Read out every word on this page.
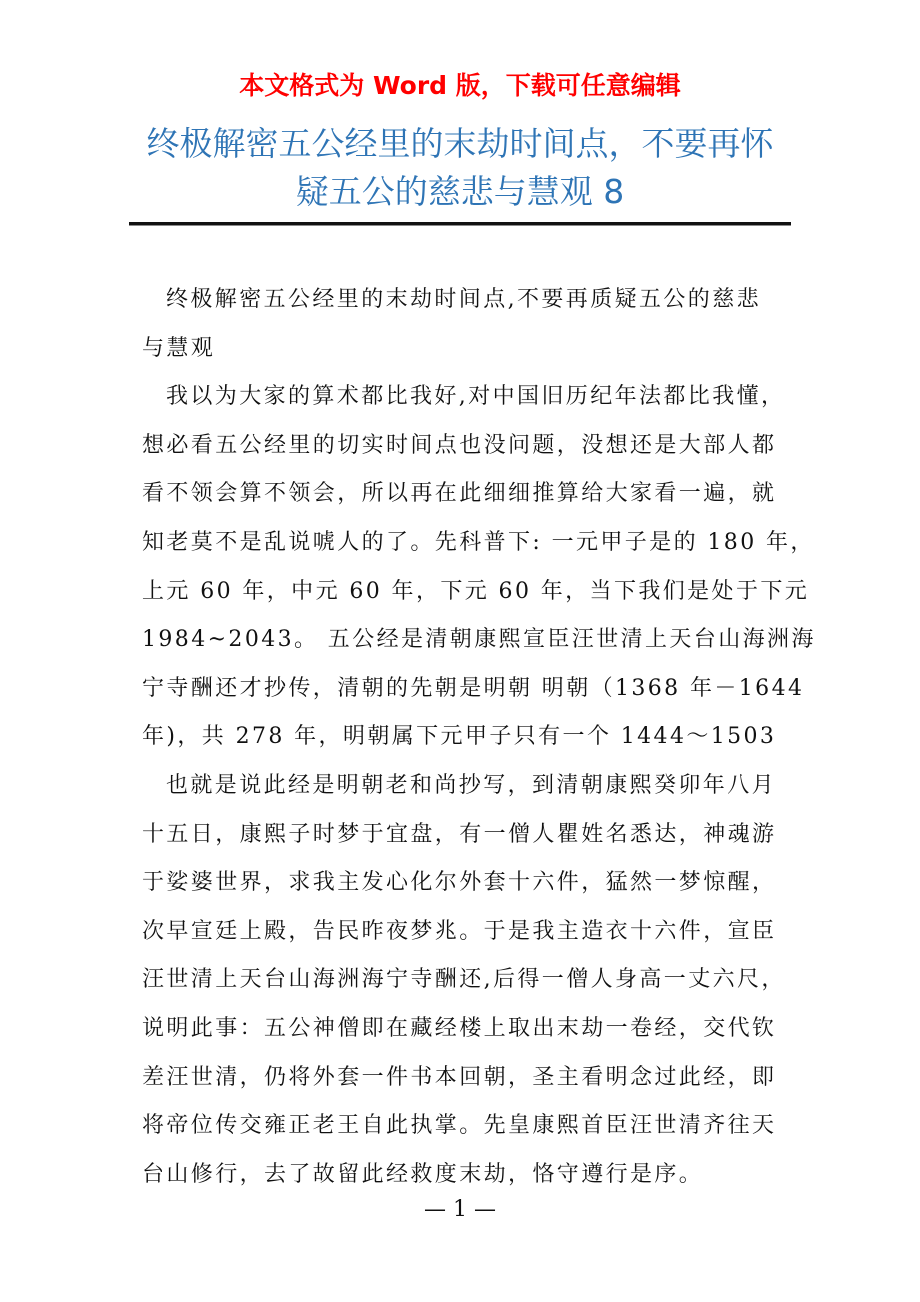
本文格式为 Word 版，下载可任意编辑
终极解密五公经里的末劫时间点，不要再怀
疑五公的慈悲与慧观 8
终极解密五公经里的末劫时间点,不要再质疑五公的慈悲
与慧观
我以为大家的算术都比我好,对中国旧历纪年法都比我懂，
想必看五公经里的切实时间点也没问题，没想还是大部人都
看不领会算不领会，所以再在此细细推算给大家看一遍，就
知老莫不是乱说唬人的了。先科普下: 一元甲子是的 180 年，
上元 60 年，中元 60 年，下元 60 年，当下我们是处于下元
1984~2043。 五公经是清朝康熙宣臣汪世清上天台山海洲海
宁寺酬还才抄传，清朝的先朝是明朝 明朝（1368 年－1644
年)，共 278 年，明朝属下元甲子只有一个 1444～1503
也就是说此经是明朝老和尚抄写，到清朝康熙癸卯年八月
十五日，康熙子时梦于宜盘，有一僧人瞿姓名悉达，神魂游
于娑婆世界，求我主发心化尔外套十六件，猛然一梦惊醒，
次早宣廷上殿，告民昨夜梦兆。于是我主造衣十六件，宣臣
汪世清上天台山海洲海宁寺酬还,后得一僧人身高一丈六尺，
说明此事：五公神僧即在藏经楼上取出末劫一卷经，交代钦
差汪世清，仍将外套一件书本回朝，圣主看明念过此经，即
将帝位传交雍正老王自此执掌。先皇康熙首臣汪世清齐往天
台山修行，去了故留此经救度末劫，恪守遵行是序。
— 1 —
